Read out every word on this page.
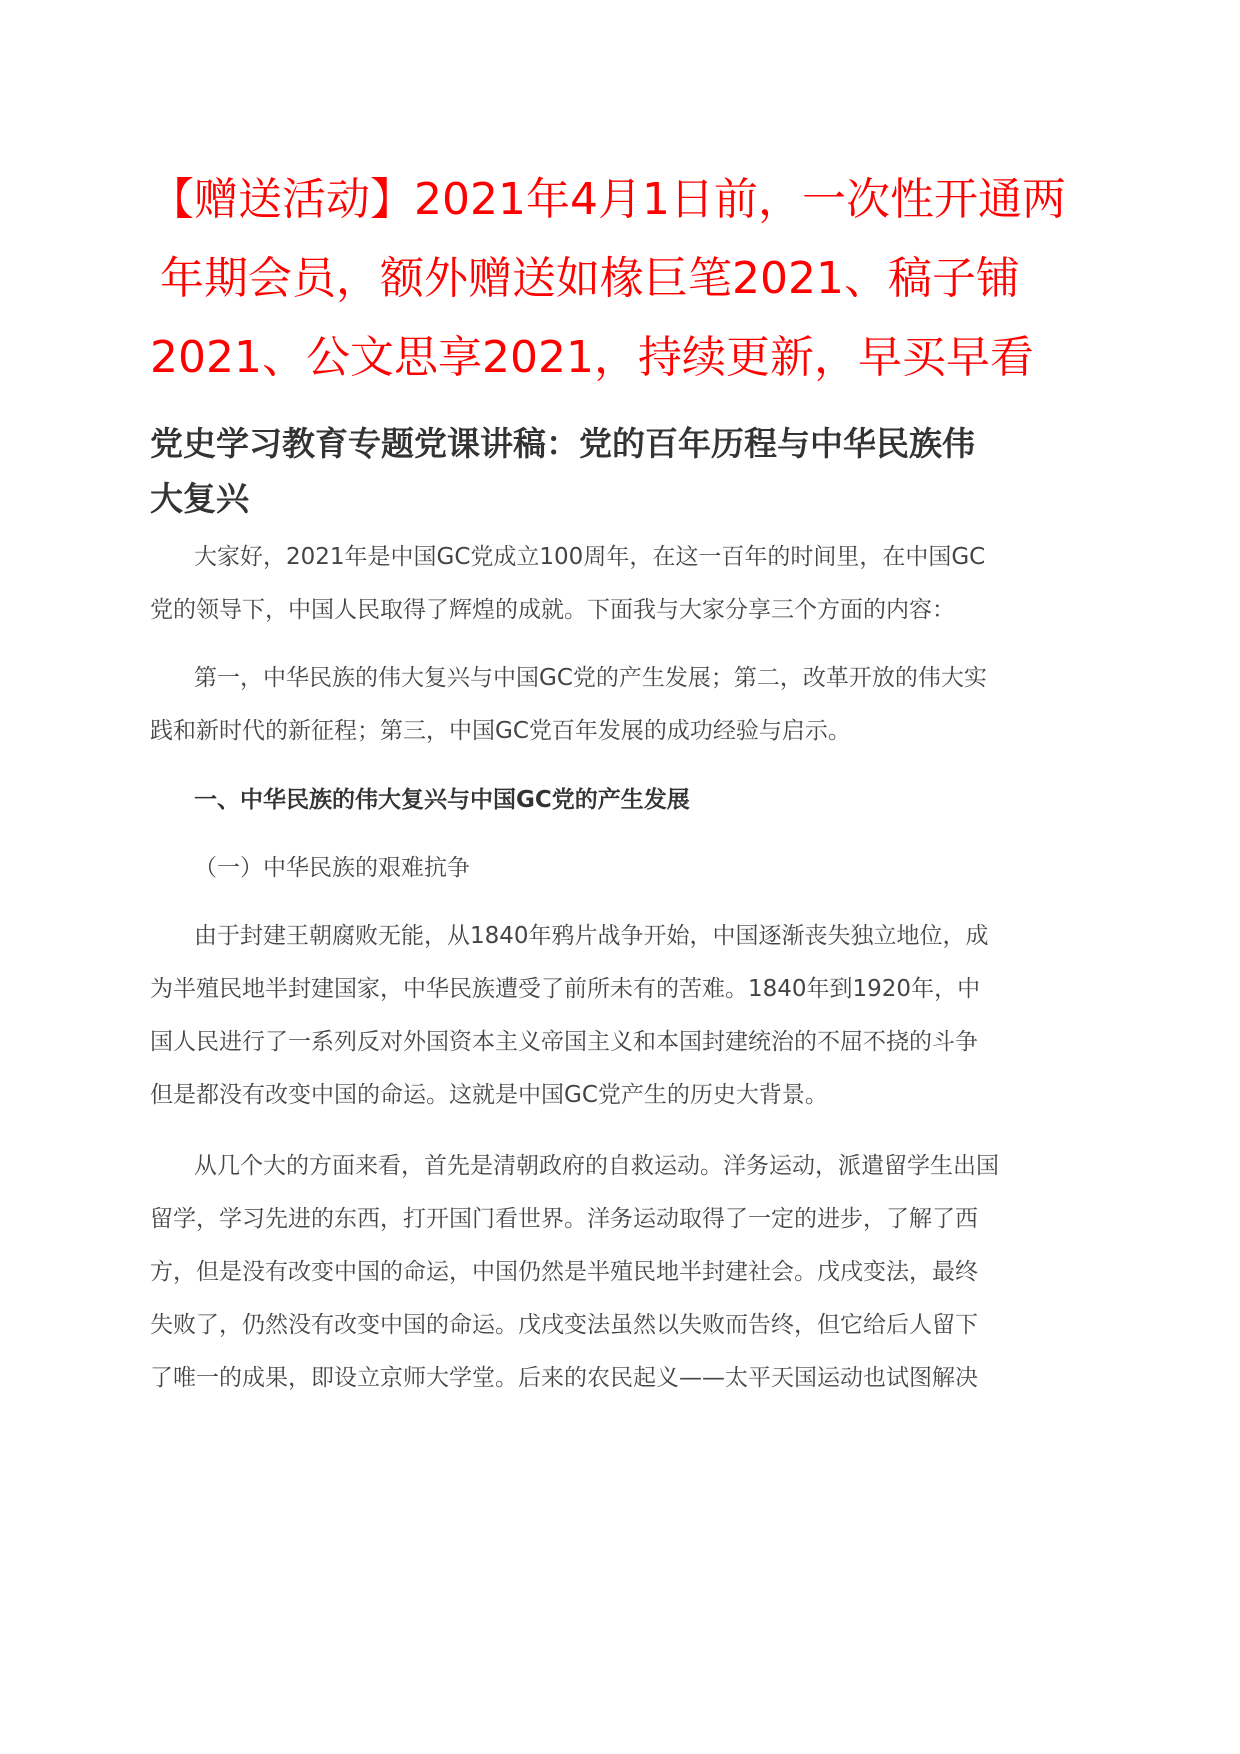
【赠送活动】2021年4月1日前，一次性开通两
年期会员，额外赠送如椽巨笔2021、稿子铺
2021、公文思享2021，持续更新，早买早看
党史学习教育专题党课讲稿：党的百年历程与中华民族伟
大复兴
大家好，2021年是中国GC党成立100周年，在这一百年的时间里，在中国GC
党的领导下，中国人民取得了辉煌的成就。下面我与大家分享三个方面的内容：
第一，中华民族的伟大复兴与中国GC党的产生发展；第二，改革开放的伟大实
践和新时代的新征程；第三，中国GC党百年发展的成功经验与启示。
一、中华民族的伟大复兴与中国GC党的产生发展
（一）中华民族的艰难抗争
由于封建王朝腐败无能，从1840年鸦片战争开始，中国逐渐丧失独立地位，成
为半殖民地半封建国家，中华民族遭受了前所未有的苦难。1840年到1920年，中
国人民进行了一系列反对外国资本主义帝国主义和本国封建统治的不屈不挠的斗争
但是都没有改变中国的命运。这就是中国GC党产生的历史大背景。
从几个大的方面来看，首先是清朝政府的自救运动。洋务运动，派遣留学生出国
留学，学习先进的东西，打开国门看世界。洋务运动取得了一定的进步，了解了西
方，但是没有改变中国的命运，中国仍然是半殖民地半封建社会。戊戌变法，最终
失败了，仍然没有改变中国的命运。戊戌变法虽然以失败而告终，但它给后人留下
了唯一的成果，即设立京师大学堂。后来的农民起义——太平天国运动也试图解决
